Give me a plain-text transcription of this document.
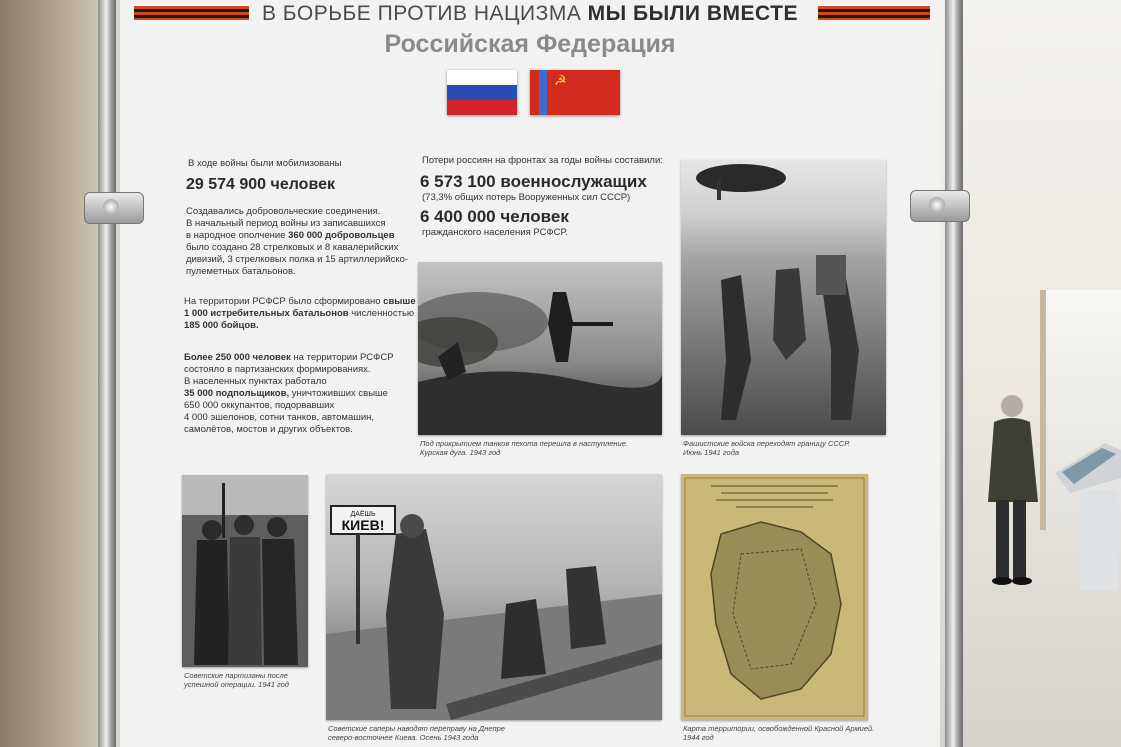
В БОРЬБЕ ПРОТИВ НАЦИЗМА МЫ БЫЛИ ВМЕСТЕ
Российская Федерация
☭
В ходе войны были мобилизованы
29 574 900 человек
Создавались добровольческие соединения.
В начальный период войны из записавшихся
в народное ополчение 360 000 добровольцев
было создано 28 стрелковых и 8 кавалерийских
дивизий, 3 стрелковых полка и 15 артиллерийско-
пулеметных батальонов.
На территории РСФСР было сформировано свыше
1 000 истребительных батальонов численностью
185 000 бойцов.
Более 250 000 человек на территории РСФСР
состояло в партизанских формированиях.
В населенных пунктах работало
35 000 подпольщиков, уничтоживших свыше
650 000 оккупантов, подорвавших
4 000 эшелонов, сотни танков, автомашин,
самолётов, мостов и других объектов.
Потери россиян на фронтах за годы войны составили:
6 573 100 военнослужащих
(73,3% общих потерь Вооруженных сил СССР)
6 400 000 человек
гражданского населения РСФСР.
Под прикрытием танков пехота перешла в наступление.
Курская дуга. 1943 год
Фашистские войска переходят границу СССР.
Июнь 1941 года
Советские партизаны после
успешной операции. 1941 год
ДАЁШЬ
КИЕВ!
Советские саперы наводят переправу на Днепре
северо-восточнее Киева. Осень 1943 года
Карта территории, освобожденной Красной Армией.
1944 год
